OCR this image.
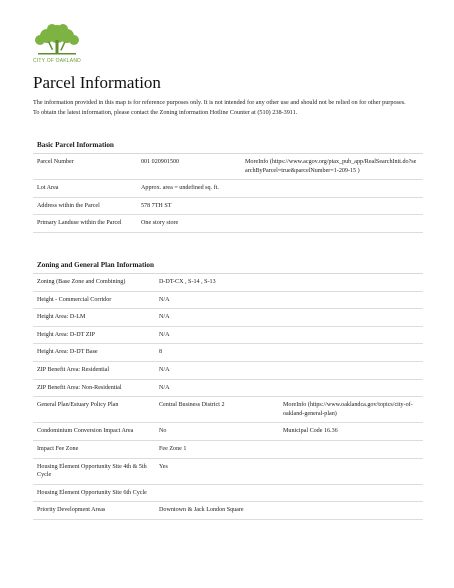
CITY OF OAKLAND
Parcel Information

The information provided in this map is for reference purposes only. It is not intended for any other use and should not be relied on for other purposes.

To obtain the latest information, please contact the Zoning information Hotline Counter at (510) 238-3911.

Basic Parcel Information
Parcel Number	001 020901500	MoreInfo (https://www.acgov.org/ptax_pub_app/RealSearchInit.do?searchByParcel=true&parcelNumber=1-209-15 )
Lot Area	Approx. area = undefined sq. ft.	
Address within the Parcel	578 7TH ST	
Primary Landuse within the Parcel	One story store	
Zoning and General Plan Information
Zoning (Base Zone and Combining)	D-DT-CX , S-14 , S-13	
Height - Commercial Corridor	N/A	
Height Area: D-LM	N/A	
Height Area: D-DT ZIP	N/A	
Height Area: D-DT Base	8	
ZIP Benefit Area: Residential	N/A	
ZIP Benefit Area: Non-Residential	N/A	
General Plan/Estuary Policy Plan	Central Business District 2	MoreInfo (https://www.oaklandca.gov/topics/city-of-oakland-general-plan)
Condominium Conversion Impact Area	No	Municipal Code 16.36
Impact Fee Zone	Fee Zone 1	
Housing Element Opportunity Site 4th & 5th Cycle	Yes	
Housing Element Opportunity Site 6th Cycle		
Priority Development Areas	Downtown & Jack London Square	
